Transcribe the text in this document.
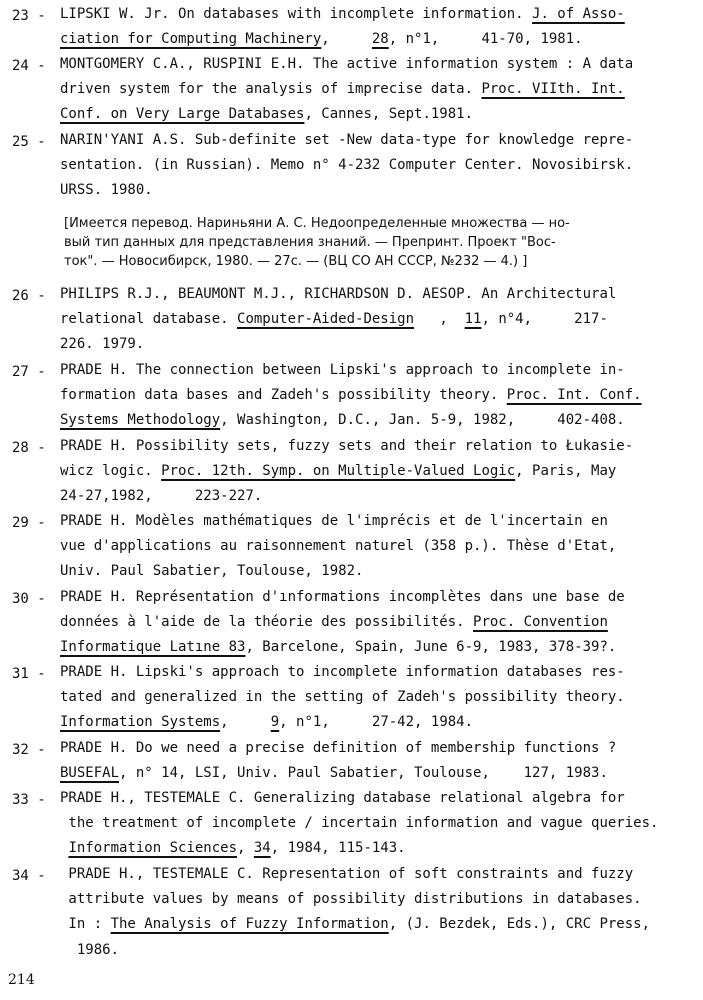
23 - LIPSKI W. Jr. On databases with incomplete information. J. of Asso-
ciation for Computing Machinery,     28, n°1,     41-70, 1981.
24 - MONTGOMERY C.A., RUSPINI E.H. The active information system : A data
driven system for the analysis of imprecise data. Proc. VIIth. Int.
Conf. on Very Large Databases, Cannes, Sept.1981.
25 - NARIN'YANI A.S. Sub-definite set -New data-type for knowledge repre-
sentation. (in Russian). Memo n° 4-232 Computer Center. Novosibirsk.
URSS. 1980.
[Имеется перевод. Нариньяни А. С. Недоопределенные множества — но-
вый тип данных для представления знаний. — Препринт. Проект "Вос-
ток". — Новосибирск, 1980. — 27с. — (ВЦ СО АН СССР, №232 — 4.) ]
26 - PHILIPS R.J., BEAUMONT M.J., RICHARDSON D. AESOP. An Architectural
relational database. Computer-Aided-Design   ,  11, n°4,     217-
226. 1979.
27 - PRADE H. The connection between Lipski's approach to incomplete in-
formation data bases and Zadeh's possibility theory. Proc. Int. Conf.
Systems Methodology, Washington, D.C., Jan. 5-9, 1982,     402-408.
28 - PRADE H. Possibility sets, fuzzy sets and their relation to Łukasie-
wicz logic. Proc. 12th. Symp. on Multiple-Valued Logic, Paris, May
24-27,1982,     223-227.
29 - PRADE H. Modèles mathématiques de l'imprécis et de l'incertain en
vue d'applications au raisonnement naturel (358 p.). Thèse d'Etat,
Univ. Paul Sabatier, Toulouse, 1982.
30 - PRADE H. Représentation d'ınformations incomplètes dans une base de
données à l'aide de la théorie des possibilités. Proc. Convention
Informatique Latıne 83, Barcelone, Spain, June 6-9, 1983, 378-39?.
31 - PRADE H. Lipski's approach to incomplete information databases res-
tated and generalized in the setting of Zadeh's possibility theory.
Information Systems,     9, n°1,     27-42, 1984.
32 - PRADE H. Do we need a precise definition of membership functions ?
BUSEFAL, n° 14, LSI, Univ. Paul Sabatier, Toulouse,    127, 1983.
33 - PRADE H., TESTEMALE C. Generalizing database relational algebra for
the treatment of incomplete / incertain information and vague queries.
Information Sciences, 34, 1984, 115-143.
34 - PRADE H., TESTEMALE C. Representation of soft constraints and fuzzy
attribute values by means of possibility distributions in databases.
In : The Analysis of Fuzzy Information, (J. Bezdek, Eds.), CRC Press,
1986.
214
